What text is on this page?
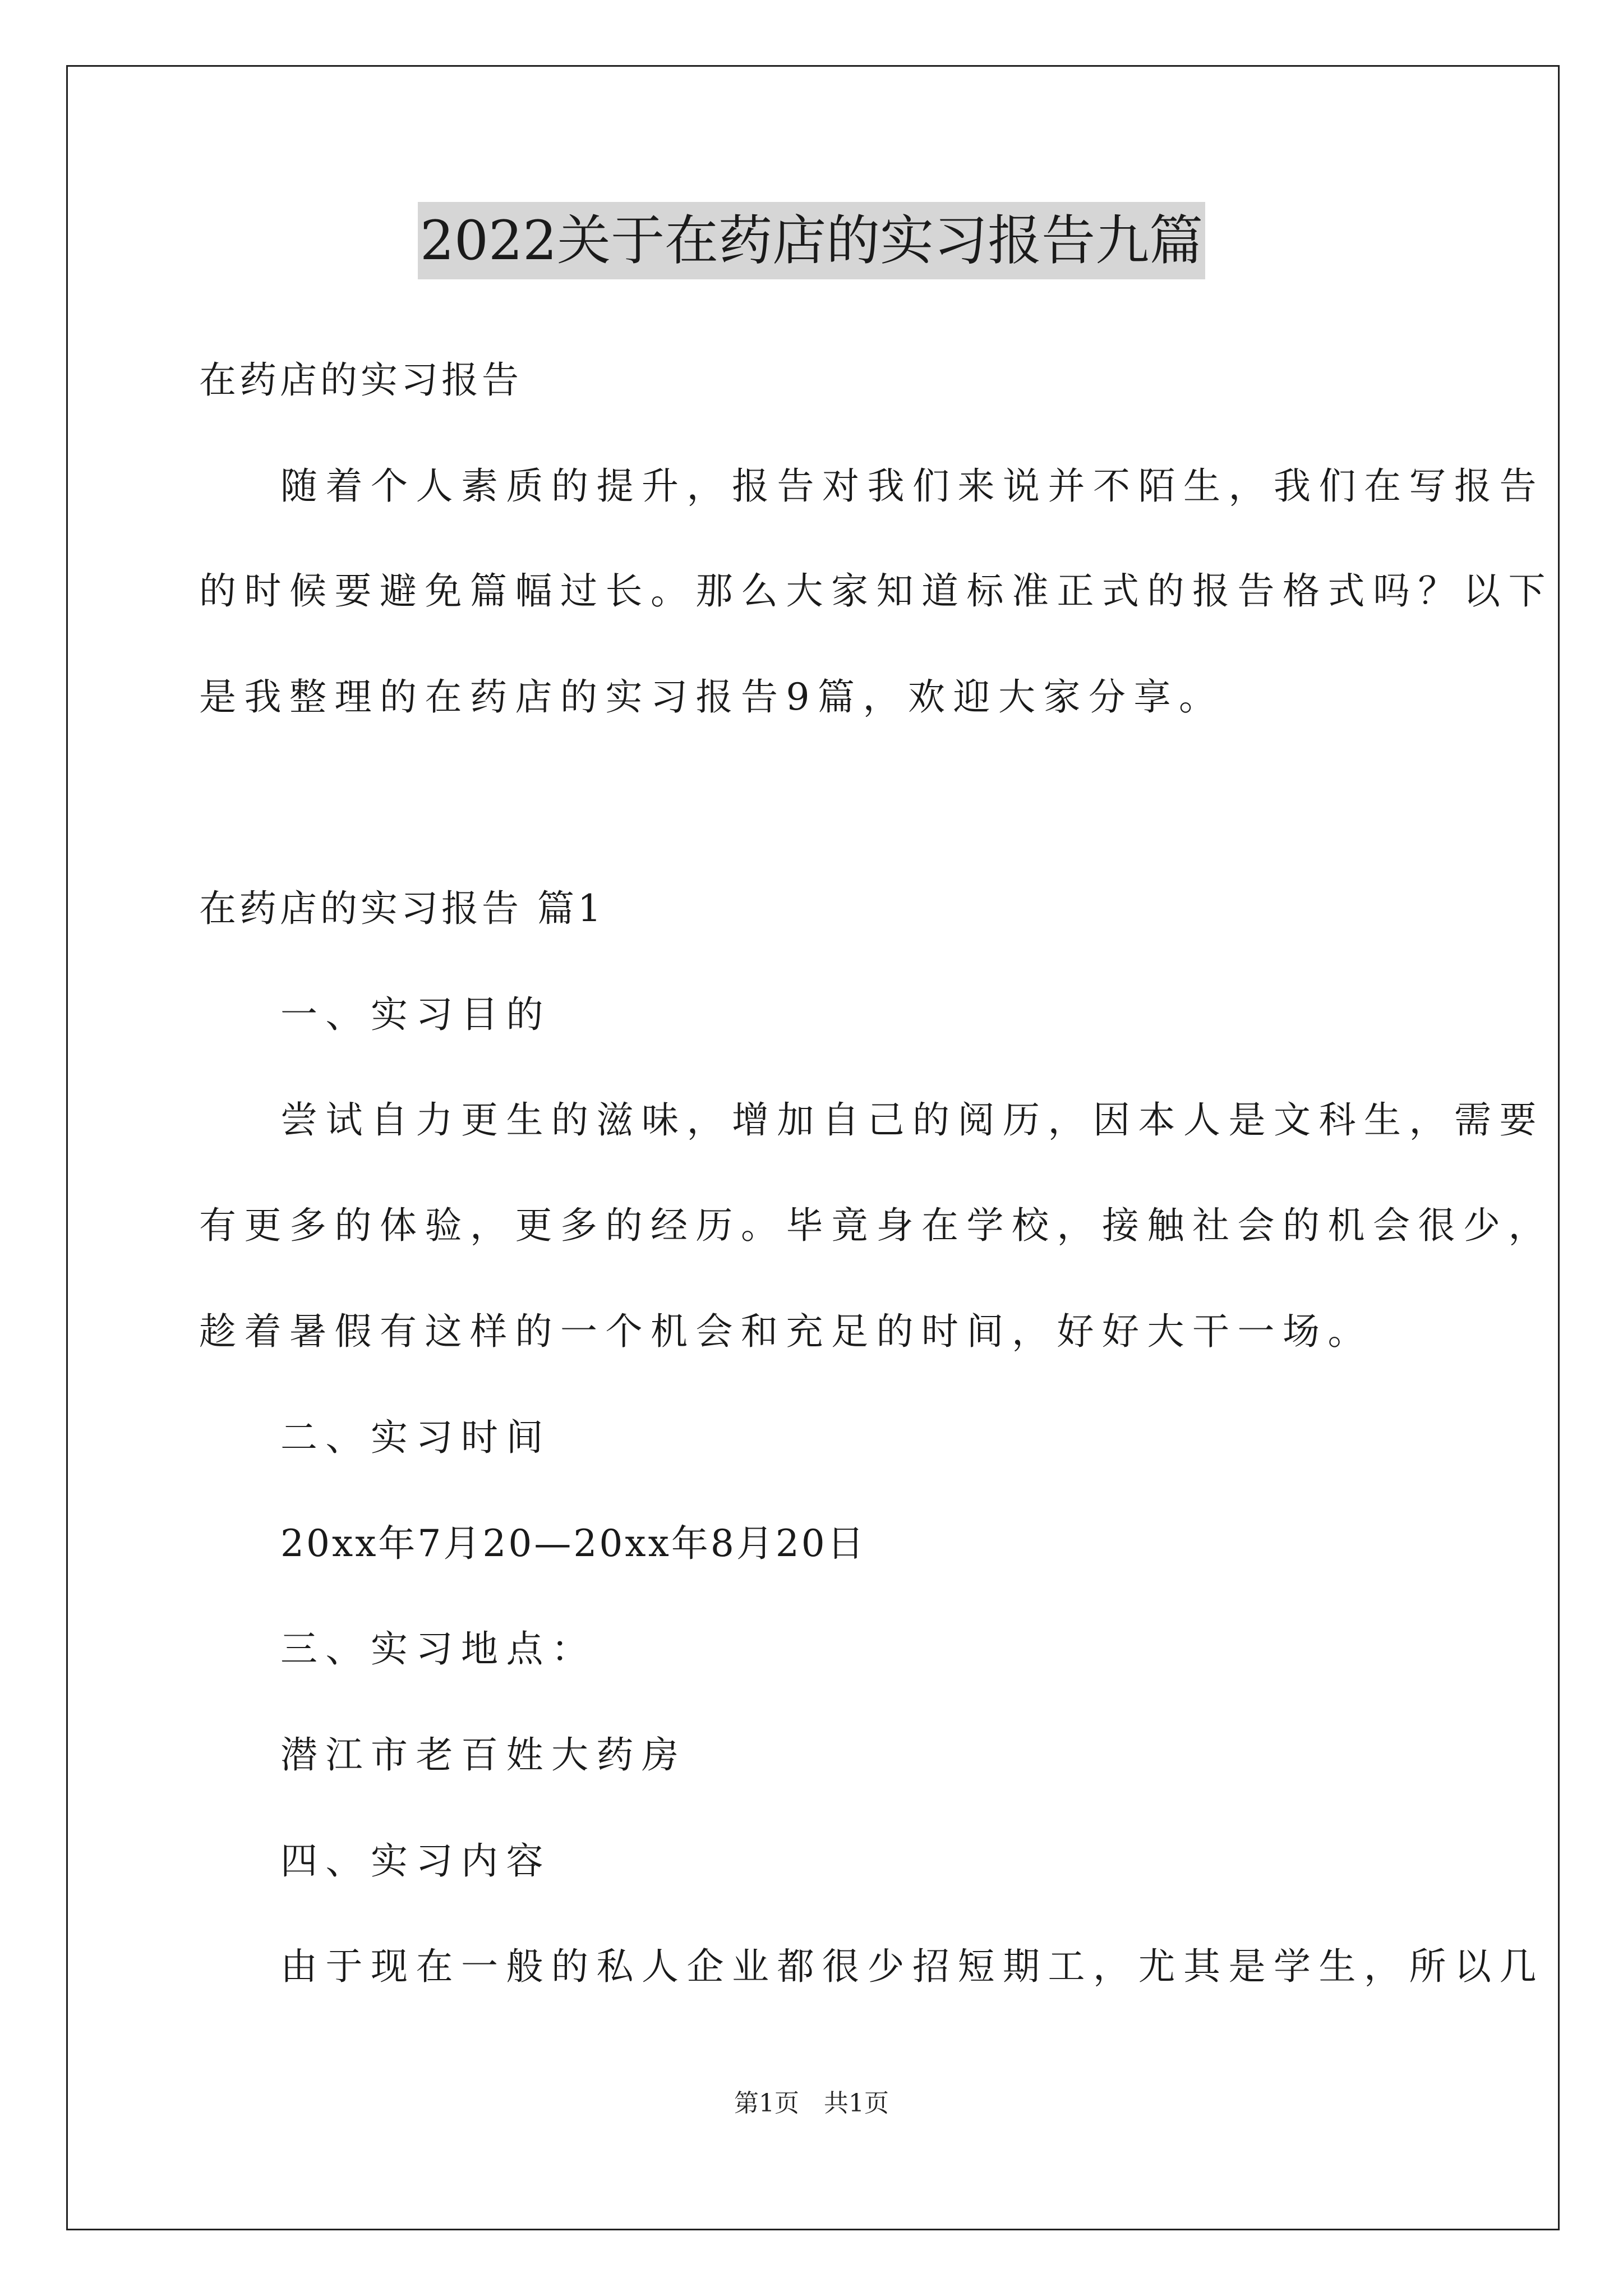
2022关于在药店的实习报告九篇
在药店的实习报告
随着个人素质的提升，报告对我们来说并不陌生，我们在写报告
的时候要避免篇幅过长。那么大家知道标准正式的报告格式吗？以下
是我整理的在药店的实习报告9篇，欢迎大家分享。
在药店的实习报告 篇1
一、实习目的
尝试自力更生的滋味，增加自己的阅历，因本人是文科生，需要
有更多的体验，更多的经历。毕竟身在学校，接触社会的机会很少，
趁着暑假有这样的一个机会和充足的时间，好好大干一场。
二、实习时间
20xx年7月20—20xx年8月20日
三、实习地点：
潜江市老百姓大药房
四、实习内容
由于现在一般的私人企业都很少招短期工，尤其是学生，所以几
第1页　共1页
